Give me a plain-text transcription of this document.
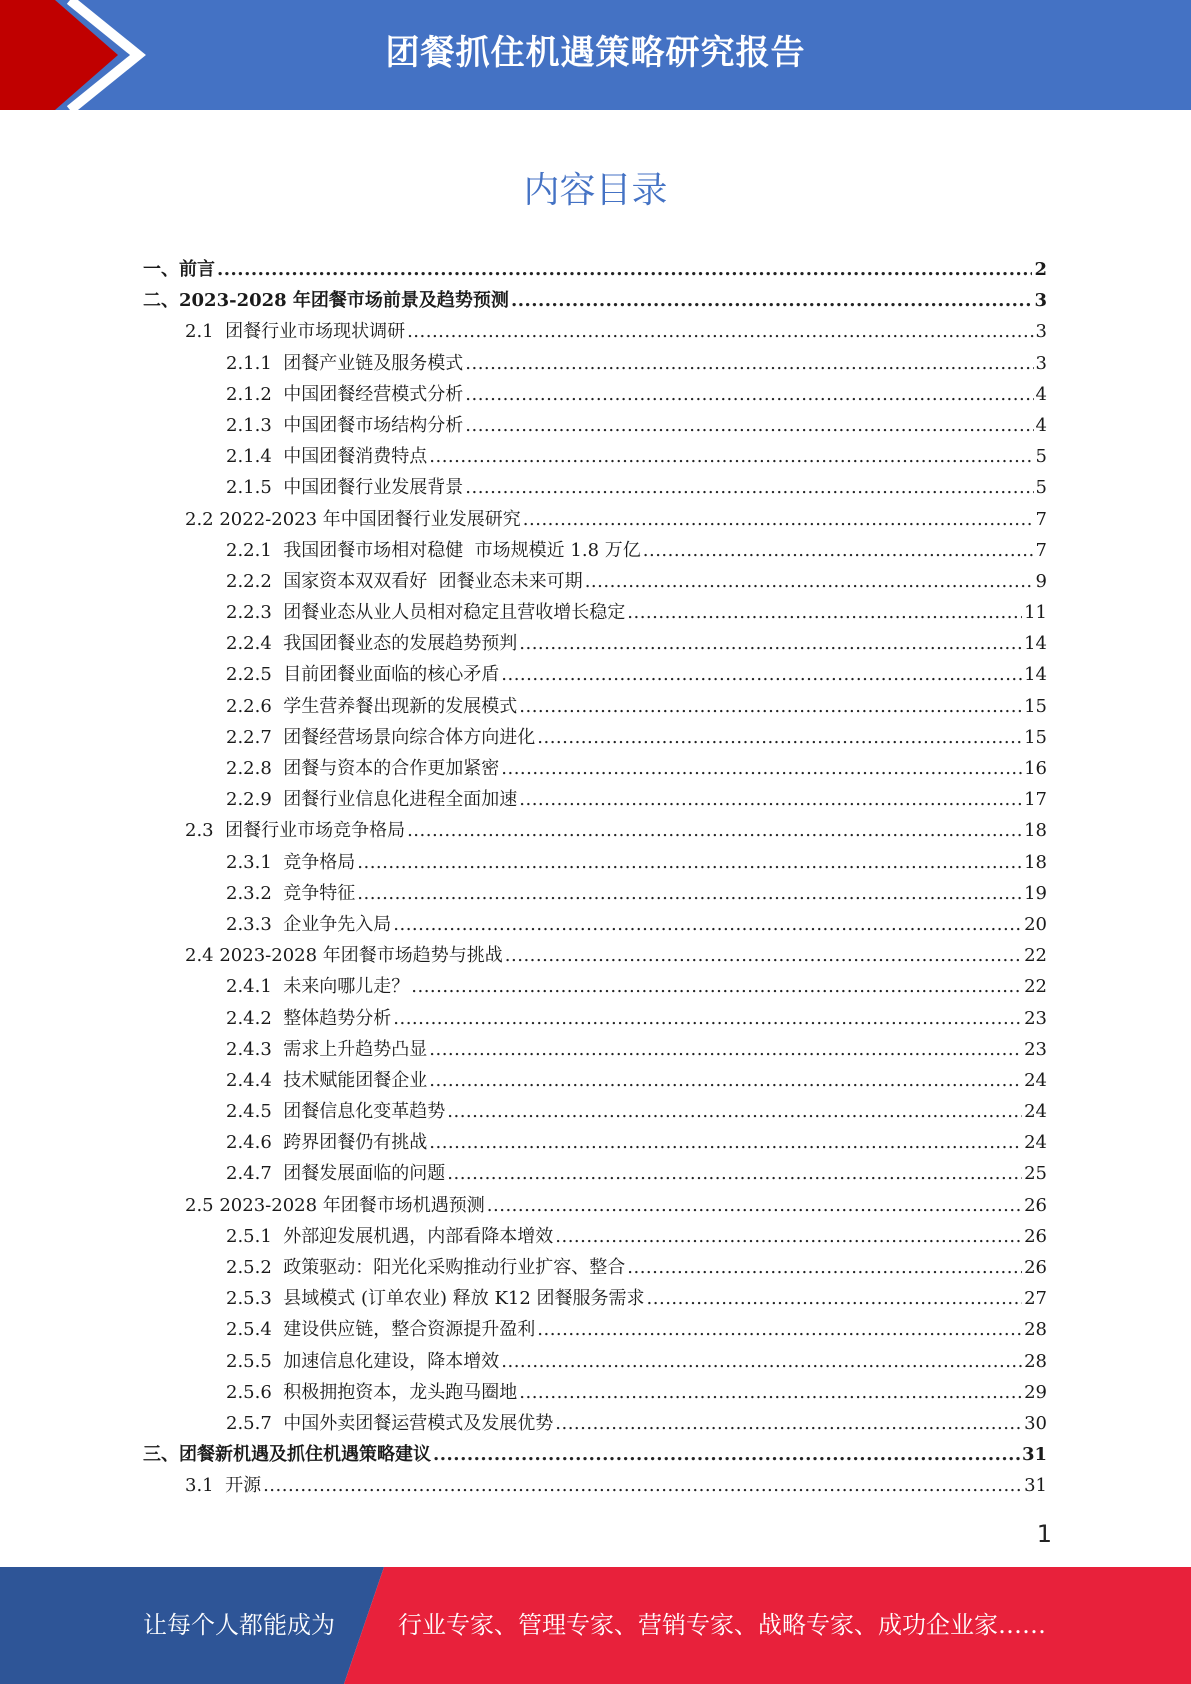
团餐抓住机遇策略研究报告
内容目录
一、前言 .....	2
二、2023-2028 年团餐市场前景及趋势预测 .....	3
2.1  团餐行业市场现状调研 .....	3
2.1.1  团餐产业链及服务模式 .....	3
2.1.2  中国团餐经营模式分析 .....	4
2.1.3  中国团餐市场结构分析 .....	4
2.1.4  中国团餐消费特点 .....	5
2.1.5  中国团餐行业发展背景 .....	5
2.2 2022-2023 年中国团餐行业发展研究 .....	7
2.2.1  我国团餐市场相对稳健  市场规模近 1.8 万亿 .....	7
2.2.2  国家资本双双看好  团餐业态未来可期 .....	9
2.2.3  团餐业态从业人员相对稳定且营收增长稳定 .....	11
2.2.4  我国团餐业态的发展趋势预判 .....	14
2.2.5  目前团餐业面临的核心矛盾 .....	14
2.2.6  学生营养餐出现新的发展模式 .....	15
2.2.7  团餐经营场景向综合体方向进化 .....	15
2.2.8  团餐与资本的合作更加紧密 .....	16
2.2.9  团餐行业信息化进程全面加速 .....	17
2.3  团餐行业市场竞争格局 .....	18
2.3.1  竞争格局 .....	18
2.3.2  竞争特征 .....	19
2.3.3  企业争先入局 .....	20
2.4 2023-2028 年团餐市场趋势与挑战 .....	22
2.4.1  未来向哪儿走？ .....	22
2.4.2  整体趋势分析 .....	23
2.4.3  需求上升趋势凸显 .....	23
2.4.4  技术赋能团餐企业 .....	24
2.4.5  团餐信息化变革趋势 .....	24
2.4.6  跨界团餐仍有挑战 .....	24
2.4.7  团餐发展面临的问题 .....	25
2.5 2023-2028 年团餐市场机遇预测 .....	26
2.5.1  外部迎发展机遇，内部看降本增效 .....	26
2.5.2  政策驱动：阳光化采购推动行业扩容、整合 .....	26
2.5.3  县域模式 (订单农业) 释放 K12 团餐服务需求 .....	27
2.5.4  建设供应链，整合资源提升盈利 .....	28
2.5.5  加速信息化建设，降本增效 .....	28
2.5.6  积极拥抱资本，龙头跑马圈地 .....	29
2.5.7  中国外卖团餐运营模式及发展优势 .....	30
三、团餐新机遇及抓住机遇策略建议 .....	31
3.1  开源 .....	31
1
让每个人都能成为	行业专家、管理专家、营销专家、战略专家、成功企业家……
